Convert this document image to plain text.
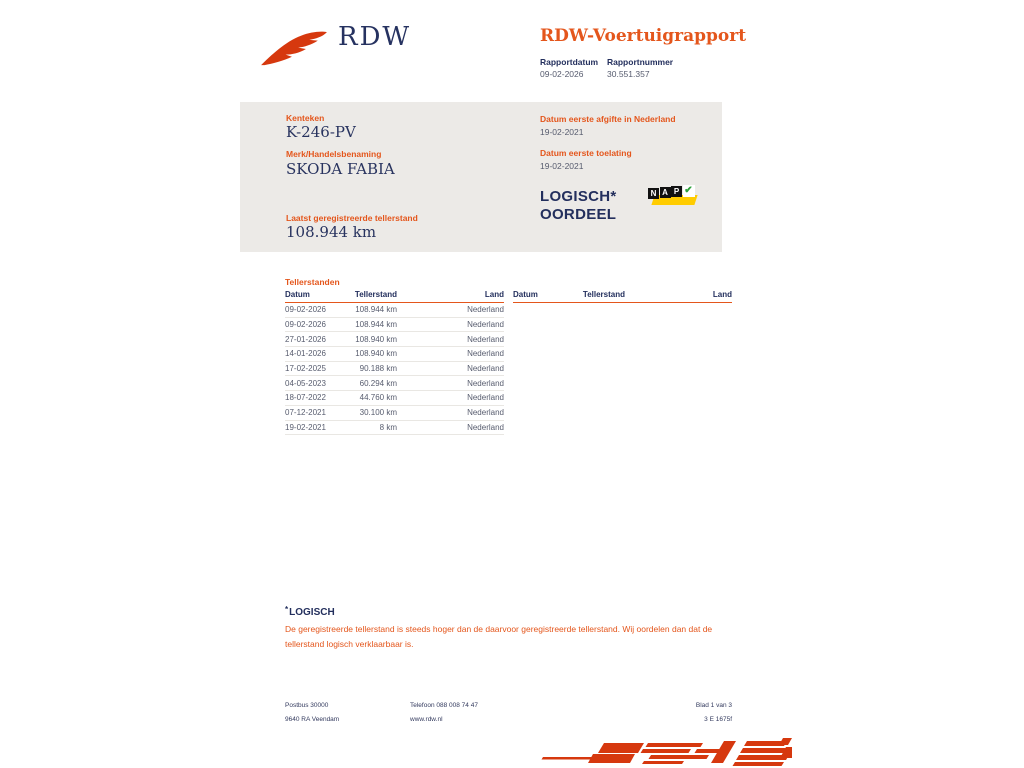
RDW	RDW-Voertuigrapport
Rapportdatum Rapportnummer
09-02-2026	30.551.357
Kenteken
K-246-PV
Merk/Handelsbenaming
SKODA FABIA
Laatst geregistreerde tellerstand
108.944 km
Datum eerste afgifte in Nederland
19-02-2021
Datum eerste toelating
19-02-2021
LOGISCH*
OORDEEL
N A P ✔
Tellerstanden
Datum	Tellerstand	Land
09-02-2026	108.944 km	Nederland
09-02-2026	108.944 km	Nederland
27-01-2026	108.940 km	Nederland
14-01-2026	108.940 km	Nederland
17-02-2025	90.188 km	Nederland
04-05-2023	60.294 km	Nederland
18-07-2022	44.760 km	Nederland
07-12-2021	30.100 km	Nederland
19-02-2021	8 km	Nederland
Datum	Tellerstand	Land
*LOGISCH
De geregistreerde tellerstand is steeds hoger dan de daarvoor geregistreerde tellerstand. Wij oordelen dan dat de tellerstand logisch verklaarbaar is.
Postbus 30000
9640 RA Veendam
Telefoon 088 008 74 47
www.rdw.nl
Blad 1 van 3
3 E 1675f
